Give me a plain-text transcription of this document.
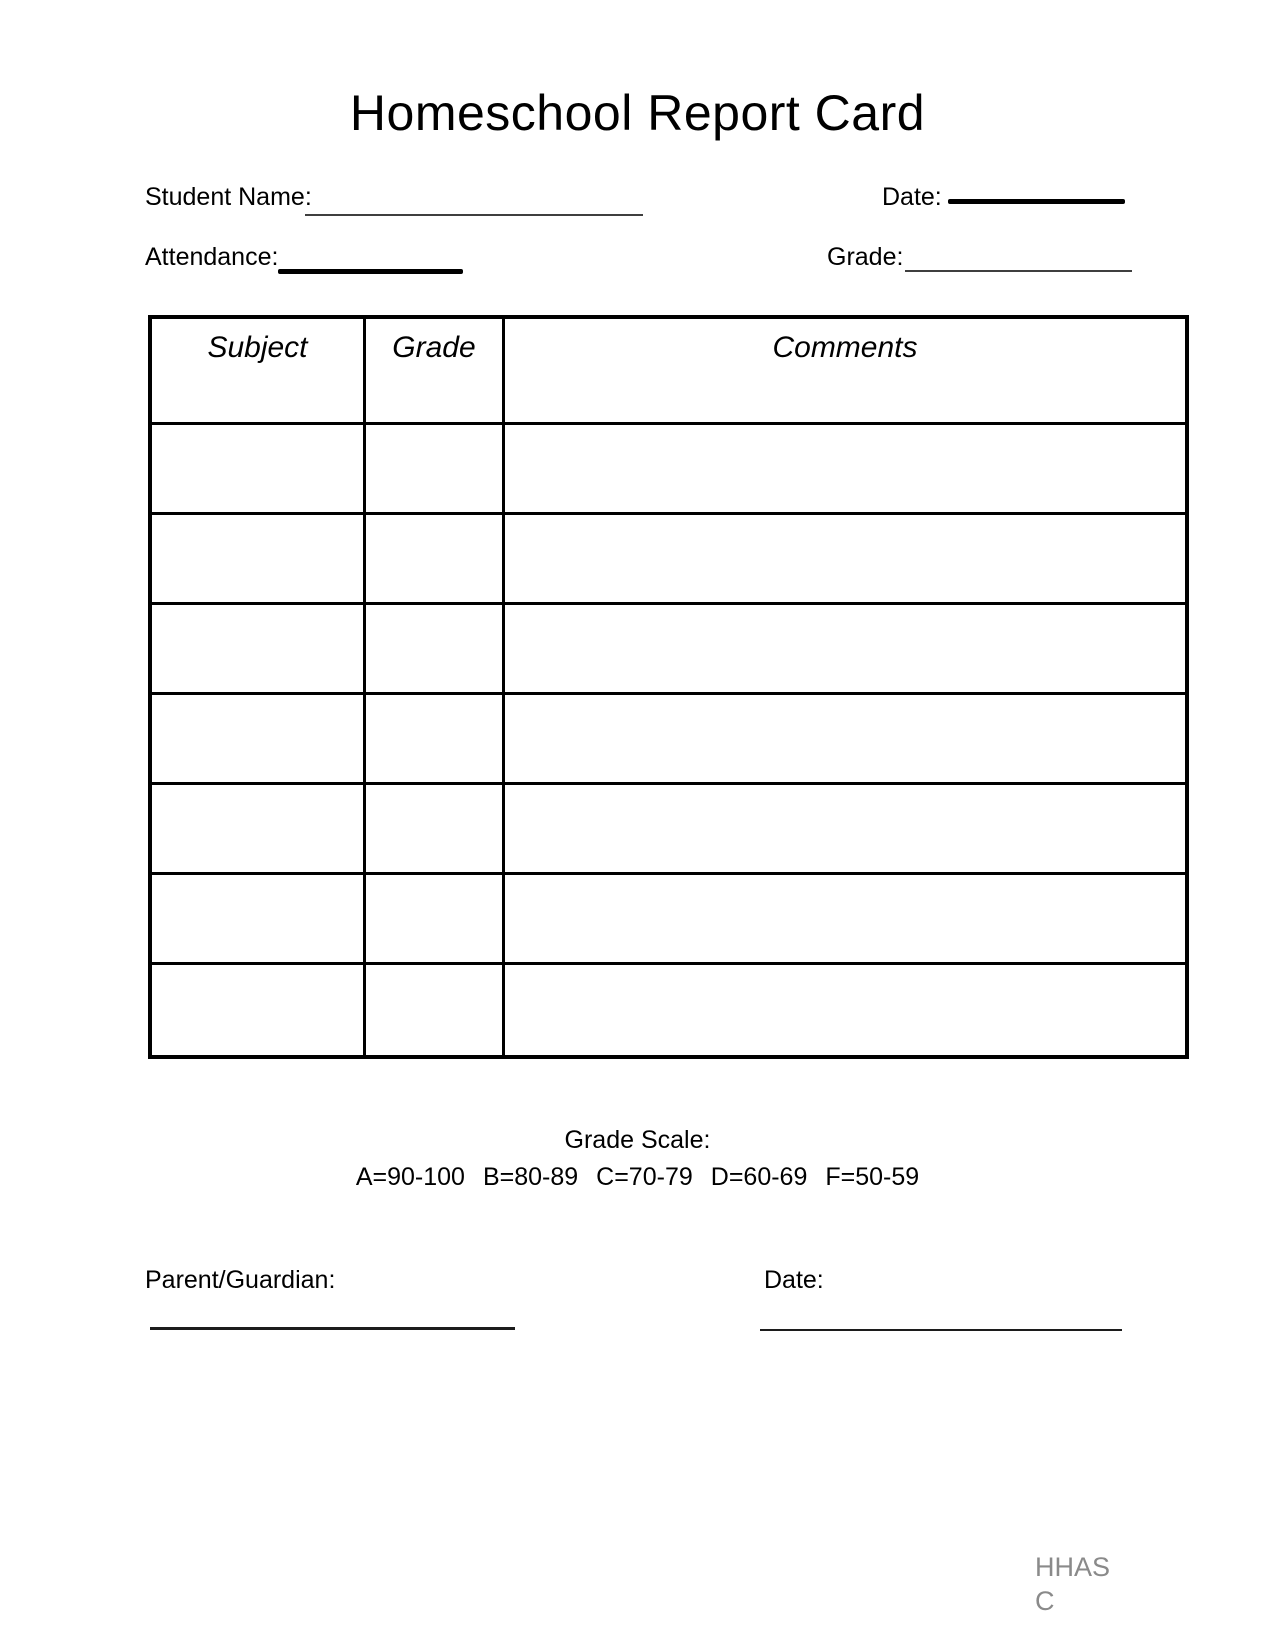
Homeschool Report Card
Student Name:	Date:
Attendance:	Grade:
Subject	Grade	Comments
Grade Scale:
A=90-100 B=80-89 C=70-79 D=60-69 F=50-59
Parent/Guardian:	Date:
HHAS
C
